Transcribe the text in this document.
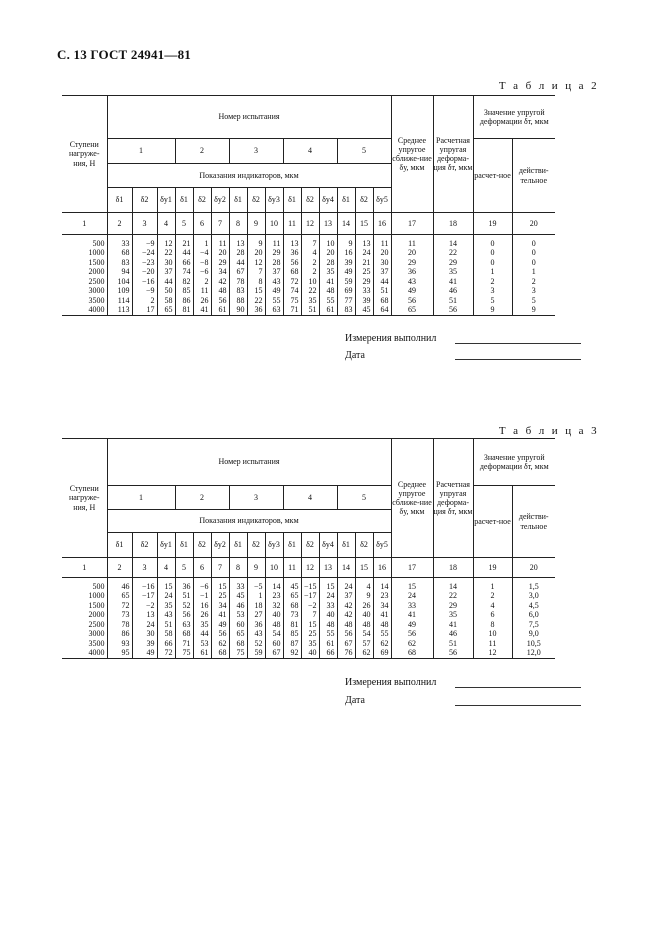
С. 13 ГОСТ 24941—81
Т а б л и ц а 2
Ступени нагруже-ния, Н	Номер испытания															Среднее упругое сближе-ние δу, мкм	Расчетная упругая деформа-ция δт, мкм	Значение упругой деформации δт, мкм	
	1			2			3			4			5					расчет-ное	действи-тельное
	Показания индикаторов, мкм																		
	δ1	δ2	δу1	δ1	δ2	δу2	δ1	δ2	δу3	δ1	δ2	δу4	δ1	δ2	δу5				
1	2	3	4	5	6	7	8	9	10	11	12	13	14	15	16	17	18	19	20

500	33	−9	12	21	1	11	13	9	11	13	7	10	9	13	11	11	14	0	0
1000	68	−24	22	44	−4	20	28	20	29	36	4	20	16	24	20	20	22	0	0
1500	83	−23	30	66	−8	29	44	12	28	56	2	28	39	21	30	29	29	0	0
2000	94	−20	37	74	−6	34	67	7	37	68	2	35	49	25	37	36	35	1	1
2500	104	−16	44	82	2	42	78	8	43	72	10	41	59	29	44	43	41	2	2
3000	109	−9	50	85	11	48	83	15	49	74	22	48	69	33	51	49	46	3	3
3500	114	2	58	86	26	56	88	22	55	75	35	55	77	39	68	56	51	5	5
4000	113	17	65	81	41	61	90	36	63	71	51	61	83	45	64	65	56	9	9
Измерения выполнил
Дата
Т а б л и ц а 3
Ступени нагруже-ния, Н	Номер испытания															Среднее упругое сближе-ние δу, мкм	Расчетная упругая деформа-ция δт, мкм	Значение упругой деформации δт, мкм	
	1			2			3			4			5					расчет-ное	действи-тельное
	Показания индикаторов, мкм																		
	δ1	δ2	δу1	δ1	δ2	δу2	δ1	δ2	δу3	δ1	δ2	δу4	δ1	δ2	δу5				
1	2	3	4	5	6	7	8	9	10	11	12	13	14	15	16	17	18	19	20

500	46	−16	15	36	−6	15	33	−5	14	45	−15	15	24	4	14	15	14	1	1,5
1000	65	−17	24	51	−1	25	45	1	23	65	−17	24	37	9	23	24	22	2	3,0
1500	72	−2	35	52	16	34	46	18	32	68	−2	33	42	26	34	33	29	4	4,5
2000	73	13	43	56	26	41	53	27	40	73	7	40	42	40	41	41	35	6	6,0
2500	78	24	51	63	35	49	60	36	48	81	15	48	48	48	48	49	41	8	7,5
3000	86	30	58	68	44	56	65	43	54	85	25	55	56	54	55	56	46	10	9,0
3500	93	39	66	71	53	62	68	52	60	87	35	61	67	57	62	62	51	11	10,5
4000	95	49	72	75	61	68	75	59	67	92	40	66	76	62	69	68	56	12	12,0
Измерения выполнил
Дата
